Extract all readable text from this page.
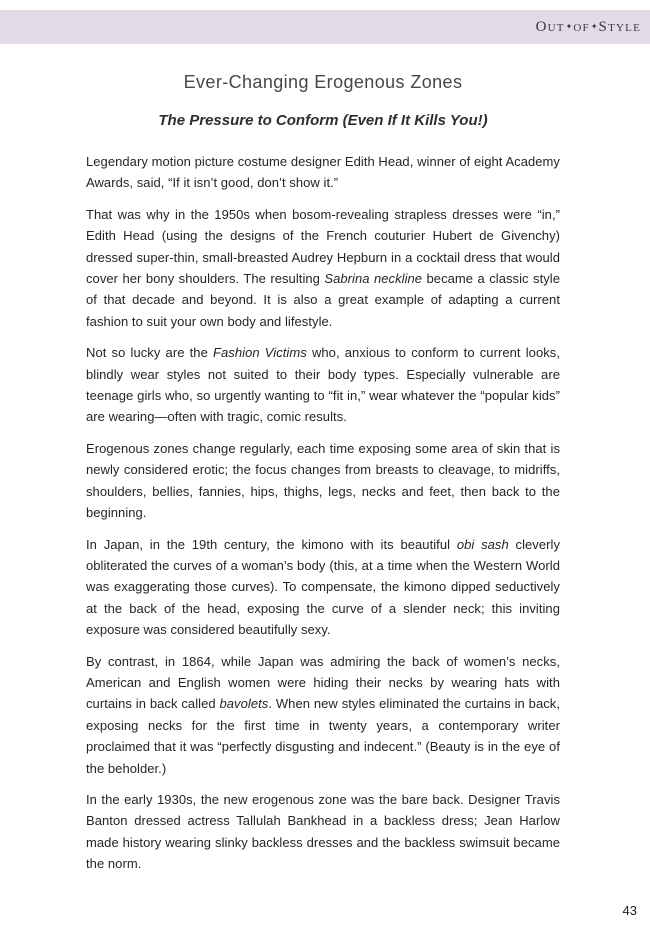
Out✦of✦Style
Ever-Changing Erogenous Zones
The Pressure to Conform (Even If It Kills You!)

Legendary motion picture costume designer Edith Head, winner of eight Academy Awards, said, “If it isn’t good, don’t show it.”

That was why in the 1950s when bosom-revealing strapless dresses were “in,” Edith Head (using the designs of the French couturier Hubert de Givenchy) dressed super-thin, small-breasted Audrey Hepburn in a cocktail dress that would cover her bony shoulders. The resulting Sabrina neckline became a classic style of that decade and beyond. It is also a great example of adapting a current fashion to suit your own body and lifestyle.

Not so lucky are the Fashion Victims who, anxious to conform to current looks, blindly wear styles not suited to their body types. Especially vulnerable are teenage girls who, so urgently wanting to “fit in,” wear whatever the “popular kids” are wearing—often with tragic, comic results.

Erogenous zones change regularly, each time exposing some area of skin that is newly considered erotic; the focus changes from breasts to cleavage, to midriffs, shoulders, bellies, fannies, hips, thighs, legs, necks and feet, then back to the beginning.

In Japan, in the 19th century, the kimono with its beautiful obi sash cleverly obliterated the curves of a woman’s body (this, at a time when the Western World was exaggerating those curves). To compensate, the kimono dipped seductively at the back of the head, exposing the curve of a slender neck; this inviting exposure was considered beautifully sexy.

By contrast, in 1864, while Japan was admiring the back of women’s necks, American and English women were hiding their necks by wearing hats with curtains in back called bavolets. When new styles eliminated the curtains in back, exposing necks for the first time in twenty years, a contemporary writer proclaimed that it was “perfectly disgusting and indecent.” (Beauty is in the eye of the beholder.)

In the early 1930s, the new erogenous zone was the bare back. Designer Travis Banton dressed actress Tallulah Bankhead in a backless dress; Jean Harlow made history wearing slinky backless dresses and the backless swimsuit became the norm.

43
